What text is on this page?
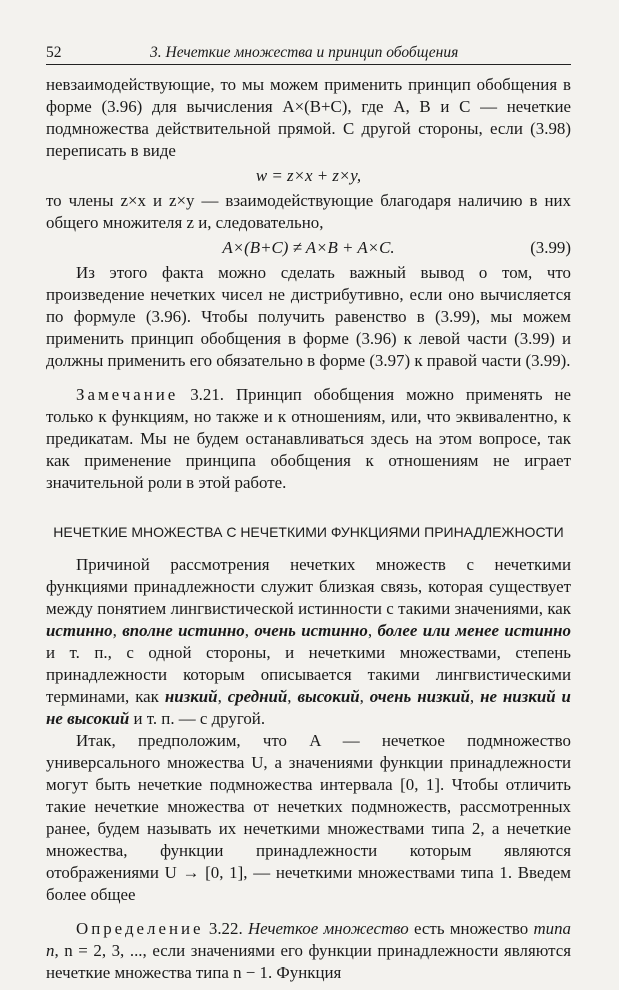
52	3. Нечеткие множества и принцип обобщения

невзаимодействующие, то мы можем применить принцип обобщения в форме (3.96) для вычисления A×(B+C), где A, B и C — нечеткие подмножества действительной прямой. С другой стороны, если (3.98) переписать в виде

w = z×x + z×y,

то члены z×x и z×y — взаимодействующие благодаря наличию в них общего множителя z и, следовательно,

A×(B+C) ≠ A×B + A×C.	(3.99)

Из этого факта можно сделать важный вывод о том, что произведение нечетких чисел не дистрибутивно, если оно вычисляется по формуле (3.96). Чтобы получить равенство в (3.99), мы можем применить принцип обобщения в форме (3.96) к левой части (3.99) и должны применить его обязательно в форме (3.97) к правой части (3.99).

Замечание 3.21. Принцип обобщения можно применять не только к функциям, но также и к отношениям, или, что эквивалентно, к предикатам. Мы не будем останавливаться здесь на этом вопросе, так как применение принципа обобщения к отношениям не играет значительной роли в этой работе.

НЕЧЕТКИЕ МНОЖЕСТВА С НЕЧЕТКИМИ ФУНКЦИЯМИ ПРИНАДЛЕЖНОСТИ

Причиной рассмотрения нечетких множеств с нечеткими функциями принадлежности служит близкая связь, которая существует между понятием лингвистической истинности с такими значениями, как истинно, вполне истинно, очень истинно, более или менее истинно и т. п., с одной стороны, и нечеткими множествами, степень принадлежности которым описывается такими лингвистическими терминами, как низкий, средний, высокий, очень низкий, не низкий и не высокий и т. п. — с другой.

Итак, предположим, что A — нечеткое подмножество универсального множества U, а значениями функции принадлежности могут быть нечеткие подмножества интервала [0, 1]. Чтобы отличить такие нечеткие множества от нечетких подмножеств, рассмотренных ранее, будем называть их нечеткими множествами типа 2, а нечеткие множества, функции принадлежности которым являются отображениями U → [0, 1], — нечеткими множествами типа 1. Введем более общее

Определение 3.22. Нечеткое множество есть множество типа n, n = 2, 3, ..., если значениями его функции принадлежности являются нечеткие множества типа n − 1. Функция
